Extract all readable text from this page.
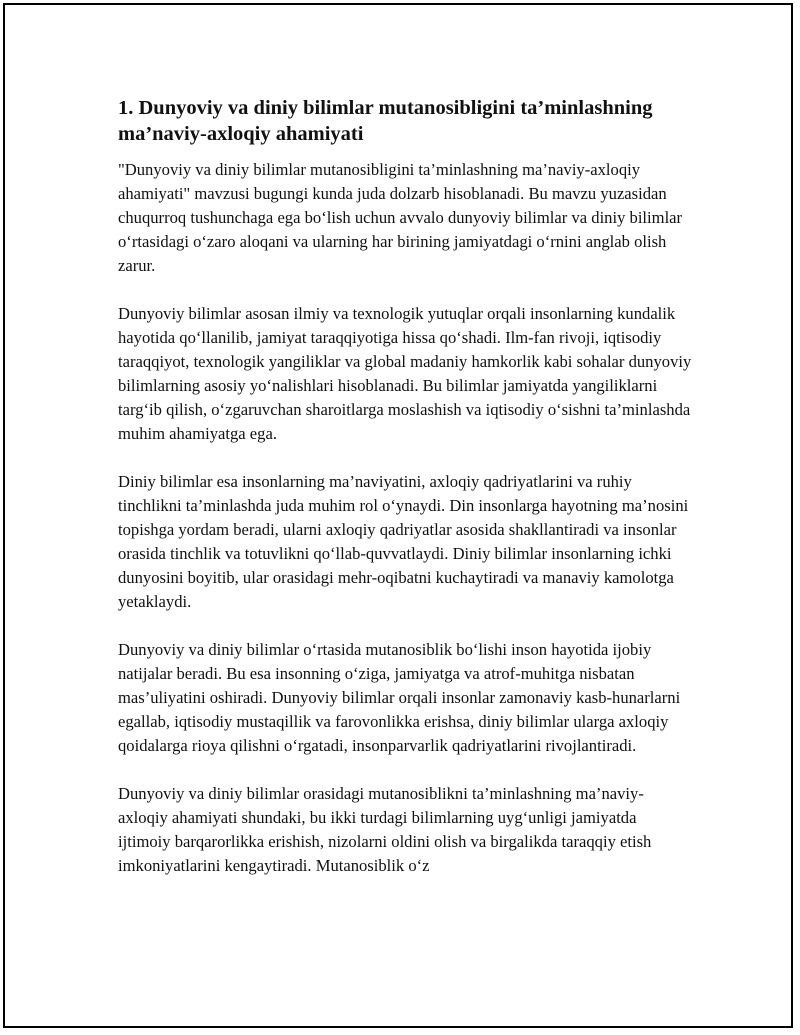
1. Dunyoviy va diniy bilimlar mutanosibligini ta’minlashning ma’naviy-axloqiy ahamiyati

"Dunyoviy va diniy bilimlar mutanosibligini ta’minlashning ma’naviy-axloqiy ahamiyati" mavzusi bugungi kunda juda dolzarb hisoblanadi. Bu mavzu yuzasidan chuqurroq tushunchaga ega bo‘lish uchun avvalo dunyoviy bilimlar va diniy bilimlar o‘rtasidagi o‘zaro aloqani va ularning har birining jamiyatdagi o‘rnini anglab olish zarur.

Dunyoviy bilimlar asosan ilmiy va texnologik yutuqlar orqali insonlarning kundalik hayotida qo‘llanilib, jamiyat taraqqiyotiga hissa qo‘shadi. Ilm-fan rivoji, iqtisodiy taraqqiyot, texnologik yangiliklar va global madaniy hamkorlik kabi sohalar dunyoviy bilimlarning asosiy yo‘nalishlari hisoblanadi. Bu bilimlar jamiyatda yangiliklarni targ‘ib qilish, o‘zgaruvchan sharoitlarga moslashish va iqtisodiy o‘sishni ta’minlashda muhim ahamiyatga ega.

Diniy bilimlar esa insonlarning ma’naviyatini, axloqiy qadriyatlarini va ruhiy tinchlikni ta’minlashda juda muhim rol o‘ynaydi. Din insonlarga hayotning ma’nosini topishga yordam beradi, ularni axloqiy qadriyatlar asosida shakllantiradi va insonlar orasida tinchlik va totuvlikni qo‘llab-quvvatlaydi. Diniy bilimlar insonlarning ichki dunyosini boyitib, ular orasidagi mehr-oqibatni kuchaytiradi va manaviy kamolotga yetaklaydi.

Dunyoviy va diniy bilimlar o‘rtasida mutanosiblik bo‘lishi inson hayotida ijobiy natijalar beradi. Bu esa insonning o‘ziga, jamiyatga va atrof-muhitga nisbatan mas’uliyatini oshiradi. Dunyoviy bilimlar orqali insonlar zamonaviy kasb-hunarlarni egallab, iqtisodiy mustaqillik va farovonlikka erishsa, diniy bilimlar ularga axloqiy qoidalarga rioya qilishni o‘rgatadi, insonparvarlik qadriyatlarini rivojlantiradi.

Dunyoviy va diniy bilimlar orasidagi mutanosiblikni ta’minlashning ma’naviy-axloqiy ahamiyati shundaki, bu ikki turdagi bilimlarning uyg‘unligi jamiyatda ijtimoiy barqarorlikka erishish, nizolarni oldini olish va birgalikda taraqqiy etish imkoniyatlarini kengaytiradi. Mutanosiblik o‘z
